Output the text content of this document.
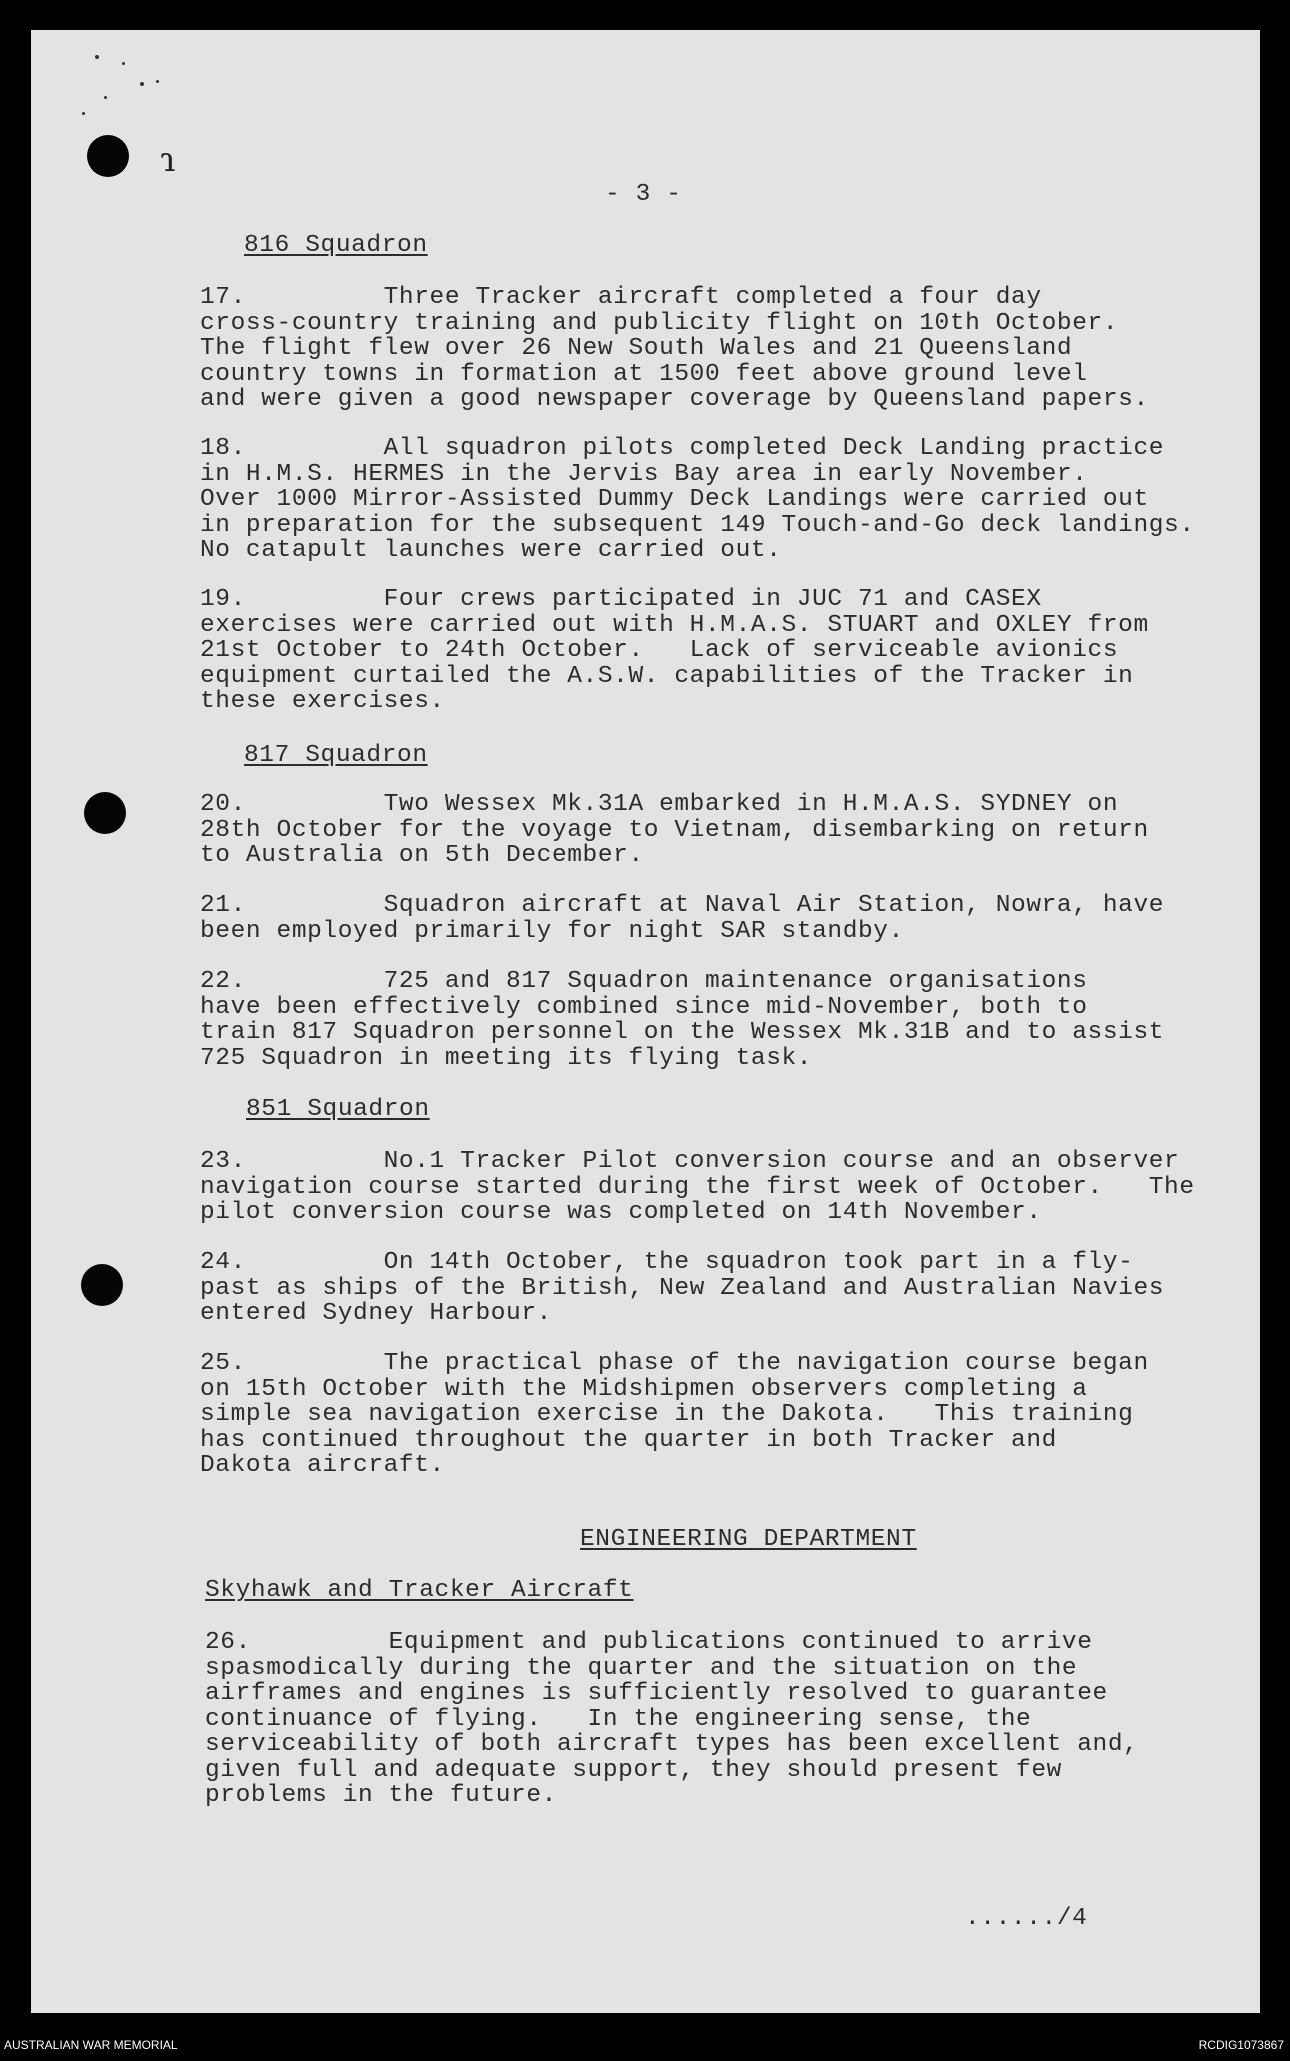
ɿ
- 3 -
816 Squadron
17.         Three Tracker aircraft completed a four day
cross-country training and publicity flight on 10th October.
The flight flew over 26 New South Wales and 21 Queensland
country towns in formation at 1500 feet above ground level
and were given a good newspaper coverage by Queensland papers.
18.         All squadron pilots completed Deck Landing practice
in H.M.S. HERMES in the Jervis Bay area in early November.
Over 1000 Mirror-Assisted Dummy Deck Landings were carried out
in preparation for the subsequent 149 Touch-and-Go deck landings.
No catapult launches were carried out.
19.         Four crews participated in JUC 71 and CASEX
exercises were carried out with H.M.A.S. STUART and OXLEY from
21st October to 24th October.   Lack of serviceable avionics
equipment curtailed the A.S.W. capabilities of the Tracker in
these exercises.
817 Squadron
20.         Two Wessex Mk.31A embarked in H.M.A.S. SYDNEY on
28th October for the voyage to Vietnam, disembarking on return
to Australia on 5th December.
21.         Squadron aircraft at Naval Air Station, Nowra, have
been employed primarily for night SAR standby.
22.         725 and 817 Squadron maintenance organisations
have been effectively combined since mid-November, both to
train 817 Squadron personnel on the Wessex Mk.31B and to assist
725 Squadron in meeting its flying task.
851 Squadron
23.         No.1 Tracker Pilot conversion course and an observer
navigation course started during the first week of October.   The
pilot conversion course was completed on 14th November.
24.         On 14th October, the squadron took part in a fly-
past as ships of the British, New Zealand and Australian Navies
entered Sydney Harbour.
25.         The practical phase of the navigation course began
on 15th October with the Midshipmen observers completing a
simple sea navigation exercise in the Dakota.   This training
has continued throughout the quarter in both Tracker and
Dakota aircraft.
ENGINEERING DEPARTMENT
Skyhawk and Tracker Aircraft
26.         Equipment and publications continued to arrive
spasmodically during the quarter and the situation on the
airframes and engines is sufficiently resolved to guarantee
continuance of flying.   In the engineering sense, the
serviceability of both aircraft types has been excellent and,
given full and adequate support, they should present few
problems in the future.
....../4
AUSTRALIAN WAR MEMORIAL	RCDIG1073867
